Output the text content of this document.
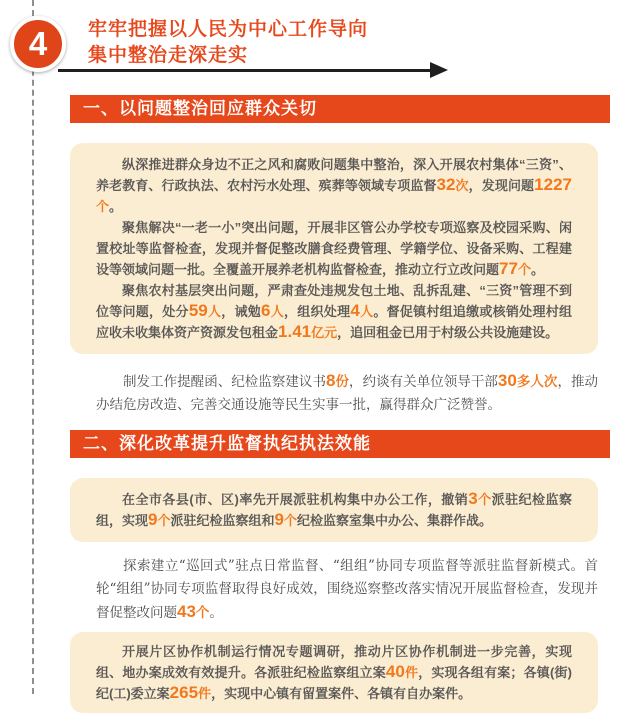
4 牢牢把握以人民为中心工作导向
集中整治走深走实
一、以问题整治回应群众关切

纵深推进群众身边不正之风和腐败问题集中整治，深入开展农村集体“三资”、养老教育、行政执法、农村污水处理、殡葬等领域专项监督32次，发现问题1227个。

聚焦解决“一老一小”突出问题，开展非区管公办学校专项巡察及校园采购、闲置校址等监督检查，发现并督促整改膳食经费管理、学籍学位、设备采购、工程建设等领域问题一批。全覆盖开展养老机构监督检查，推动立行立改问题77个。

聚焦农村基层突出问题，严肃查处违规发包土地、乱拆乱建、“三资”管理不到位等问题，处分59人，诫勉6人，组织处理4人。督促镇村组追缴或核销处理村组应收未收集体资产资源发包租金1.41亿元，追回租金已用于村级公共设施建设。

制发工作提醒函、纪检监察建议书8份，约谈有关单位领导干部30多人次，推动办结危房改造、完善交通设施等民生实事一批，赢得群众广泛赞誉。

二、深化改革提升监督执纪执法效能

在全市各县(市、区)率先开展派驻机构集中办公工作，撤销3个派驻纪检监察组，实现9个派驻纪检监察组和9个纪检监察室集中办公、集群作战。

探索建立“巡回式”驻点日常监督、“组组”协同专项监督等派驻监督新模式。首轮“组组”协同专项监督取得良好成效，围绕巡察整改落实情况开展监督检查，发现并督促整改问题43个。

开展片区协作机制运行情况专题调研，推动片区协作机制进一步完善，实现组、地办案成效有效提升。各派驻纪检监察组立案40件，实现各组有案；各镇(街)纪(工)委立案265件，实现中心镇有留置案件、各镇有自办案件。
